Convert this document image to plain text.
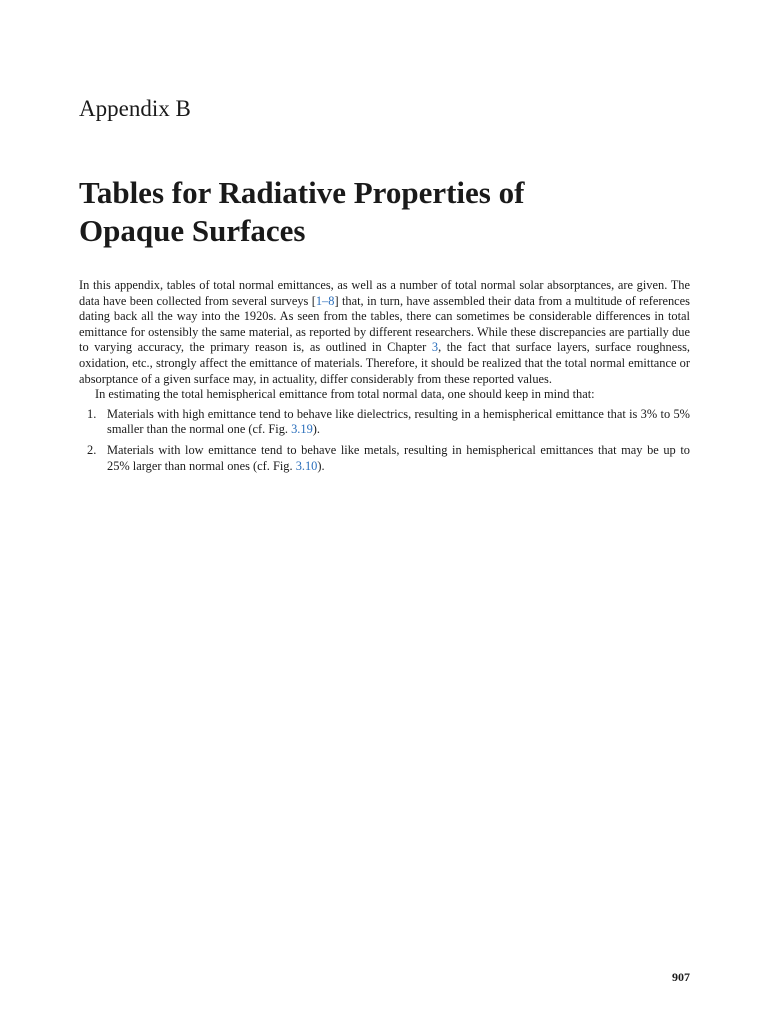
Appendix B
Tables for Radiative Properties of
Opaque Surfaces

In this appendix, tables of total normal emittances, as well as a number of total normal solar absorptances, are given. The data have been collected from several surveys [1–8] that, in turn, have assembled their data from a multitude of references dating back all the way into the 1920s. As seen from the tables, there can sometimes be considerable differences in total emittance for ostensibly the same material, as reported by different researchers. While these discrepancies are partially due to varying accuracy, the primary reason is, as outlined in Chapter 3, the fact that surface layers, surface roughness, oxidation, etc., strongly affect the emittance of materials. Therefore, it should be realized that the total normal emittance or absorptance of a given surface may, in actuality, differ considerably from these reported values.

In estimating the total hemispherical emittance from total normal data, one should keep in mind that:

1. Materials with high emittance tend to behave like dielectrics, resulting in a hemispherical emittance that is 3% to 5% smaller than the normal one (cf. Fig. 3.19).
2. Materials with low emittance tend to behave like metals, resulting in hemispherical emittances that may be up to 25% larger than normal ones (cf. Fig. 3.10).
907
